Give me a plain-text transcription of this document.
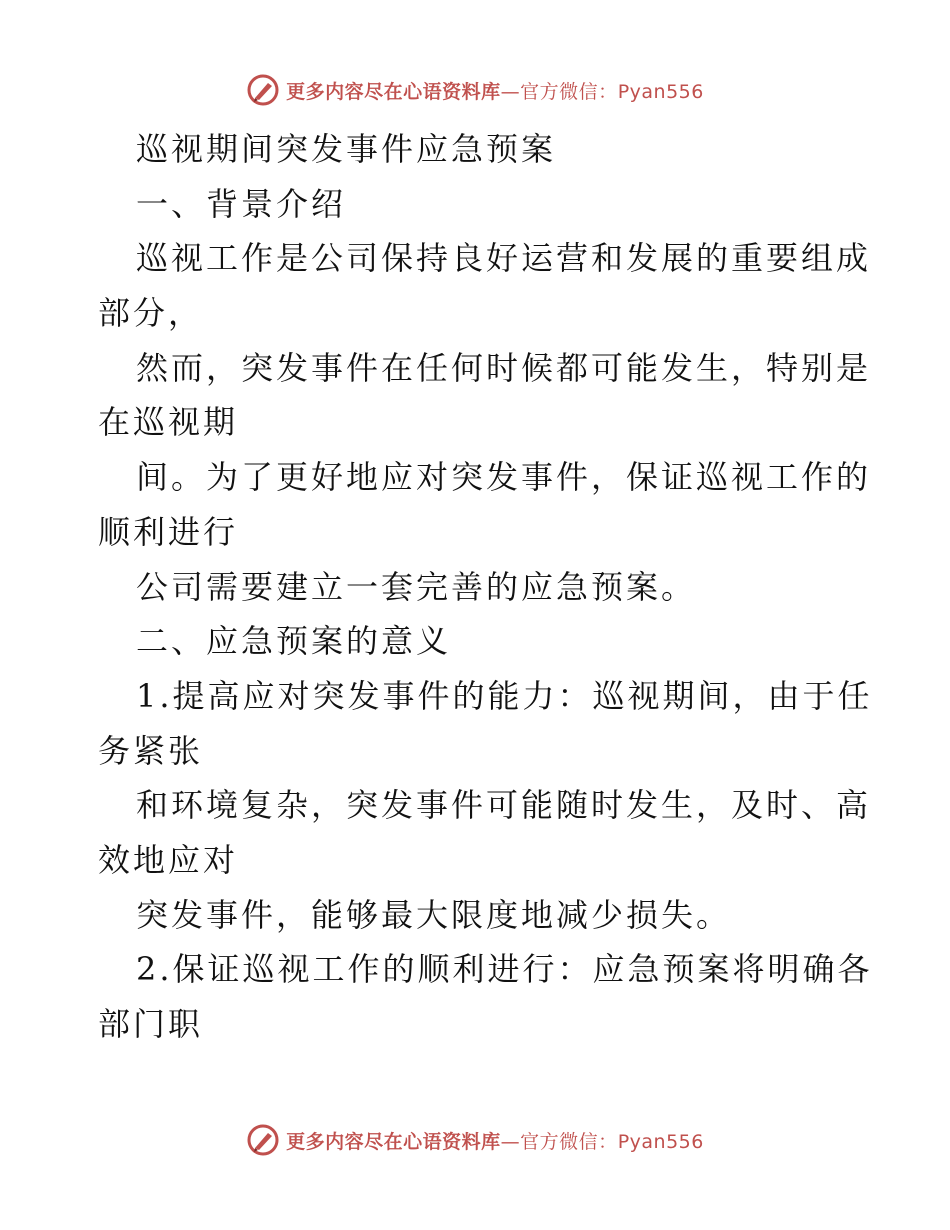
更多内容尽在心语资料库—官方微信：Pyan556
巡视期间突发事件应急预案
一、背景介绍
巡视工作是公司保持良好运营和发展的重要组成
部分，
然而，突发事件在任何时候都可能发生，特别是
在巡视期
间。为了更好地应对突发事件，保证巡视工作的
顺利进行
公司需要建立一套完善的应急预案。
二、应急预案的意义
1.提高应对突发事件的能力：巡视期间，由于任
务紧张
和环境复杂，突发事件可能随时发生，及时、高
效地应对
突发事件，能够最大限度地减少损失。
2.保证巡视工作的顺利进行：应急预案将明确各
部门职
更多内容尽在心语资料库—官方微信：Pyan556
